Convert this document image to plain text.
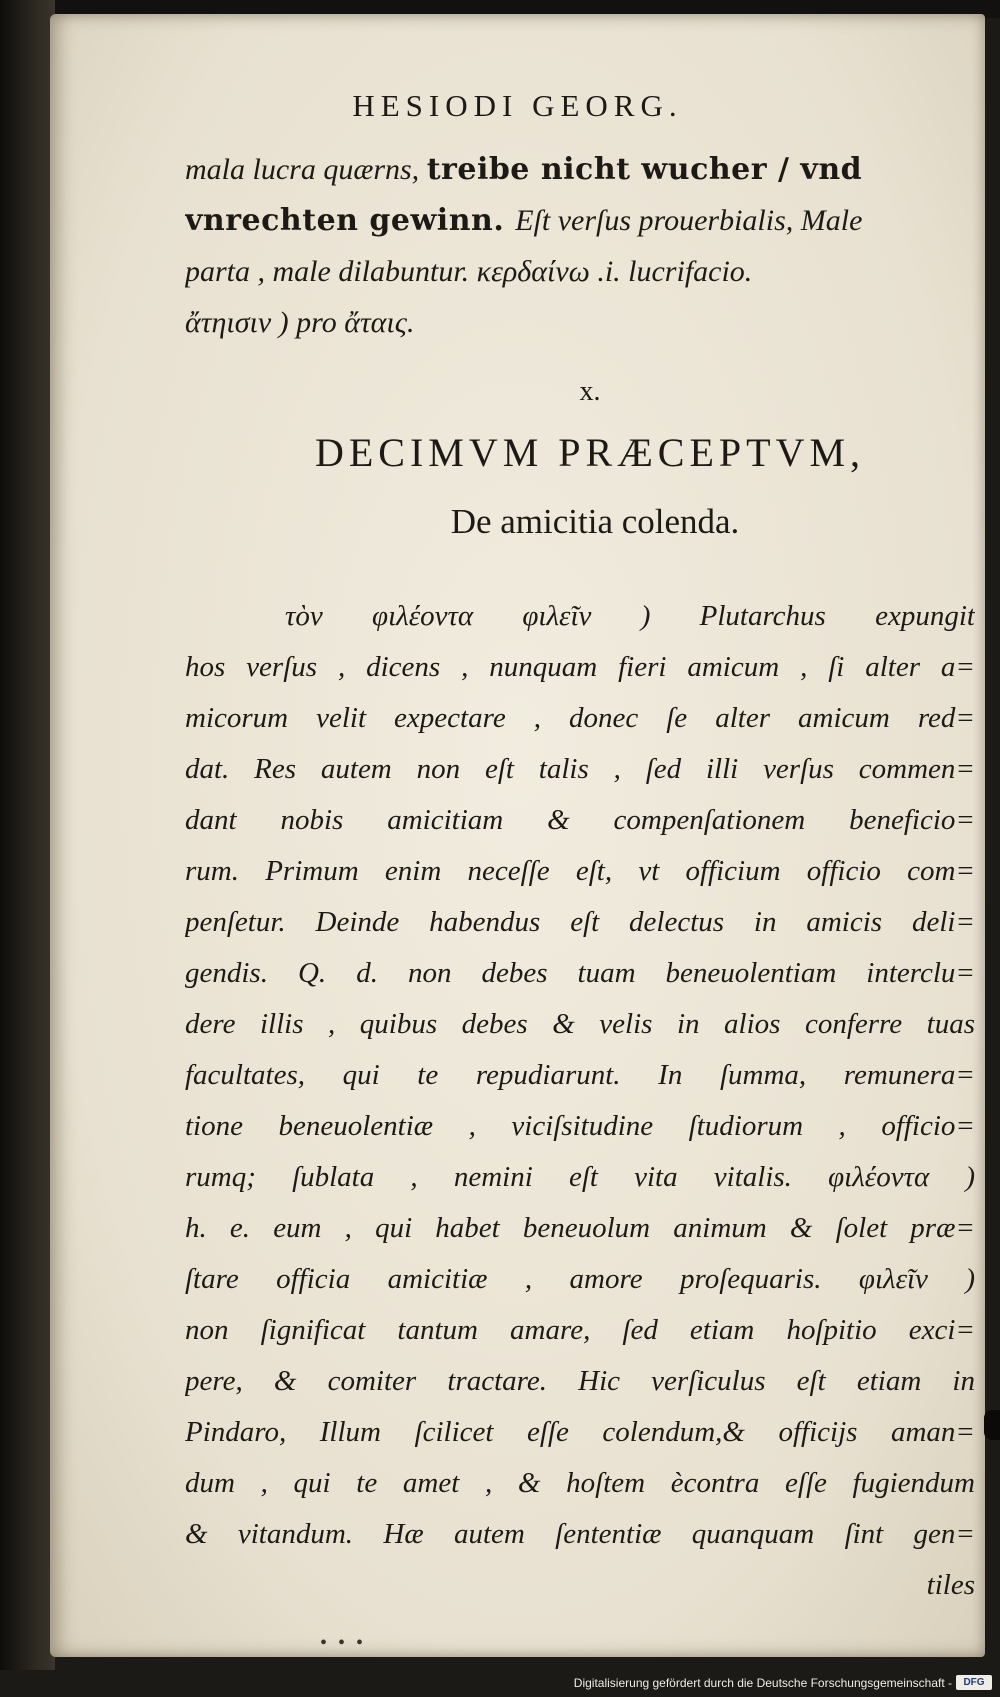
HESIODI GEORG.
mala lucra quærns, treibe nicht wucher / vnd
vnrechten gewinn. Eſt verſus prouerbialis, Male
parta , male dilabuntur. κερδαίνω .i. lucrifacio.
ἄτηισιν ) pro ἄταις.
x.
DECIMVM PRÆCEPTVM,
De amicitia colenda.
τὸν φιλέοντα φιλεῖν ) Plutarchus expungit
hos verſus , dicens , nunquam fieri amicum , ſi alter a=
micorum velit expectare , donec ſe alter amicum red=
dat. Res autem non eſt talis , ſed illi verſus commen=
dant nobis amicitiam & compenſationem beneficio=
rum. Primum enim neceſſe eſt, vt officium officio com=
penſetur. Deinde habendus eſt delectus in amicis deli=
gendis. Q. d. non debes tuam beneuolentiam interclu=
dere illis , quibus debes & velis in alios conferre tuas
facultates, qui te repudiarunt. In ſumma, remunera=
tione beneuolentiæ , viciſsitudine ſtudiorum , officio=
rumq; ſublata , nemini eſt vita vitalis. φιλέοντα )
h. e. eum , qui habet beneuolum animum & ſolet præ=
ſtare officia amicitiæ , amore proſequaris. φιλεῖν )
non ſignificat tantum amare, ſed etiam hoſpitio exci=
pere, & comiter tractare. Hic verſiculus eſt etiam in
Pindaro, Illum ſcilicet eſſe colendum,& officijs aman=
dum , qui te amet , & hoſtem ècontra eſſe fugiendum
& vitandum. Hæ autem ſententiæ quanquam ſint gen=
tiles
• • •
Digitalisierung gefördert durch die Deutsche Forschungsgemeinschaft -	DFG
